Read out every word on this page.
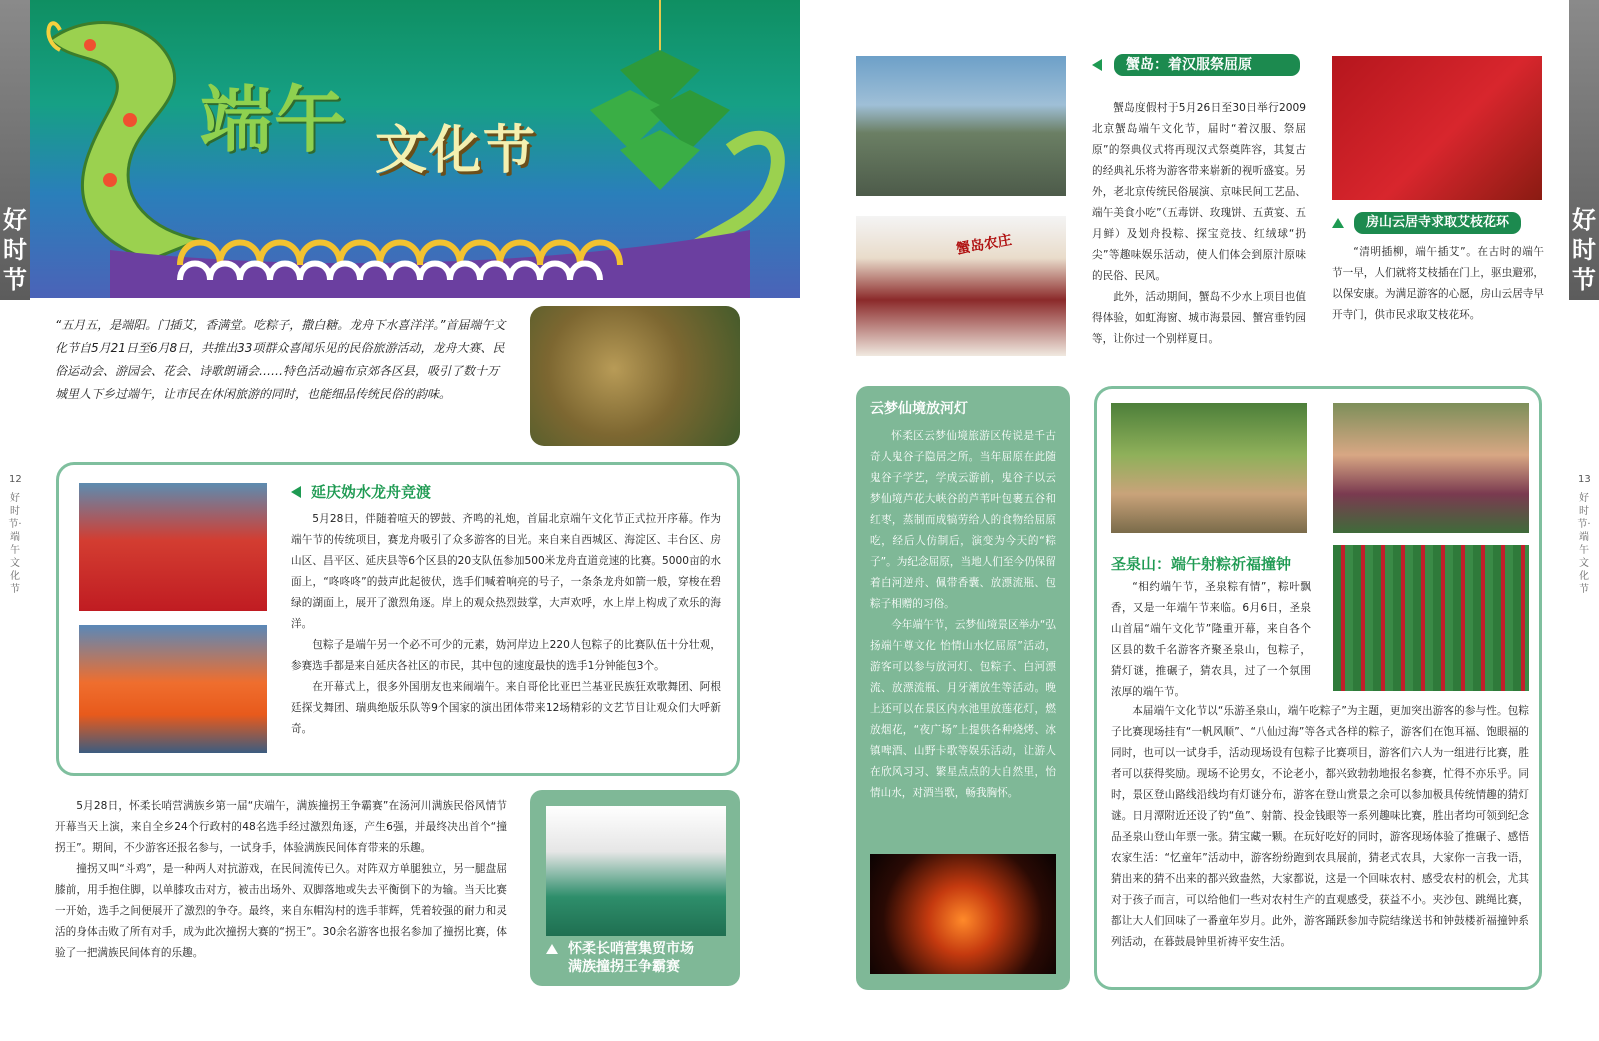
好时节
12
好时节·端午文化节
端午 文化节
“五月五，是端阳。门插艾，香满堂。吃粽子，撒白糖。龙舟下水喜洋洋。”首届端午文化节自5月21日至6月8日，共推出33项群众喜闻乐见的民俗旅游活动，龙舟大赛、民俗运动会、游园会、花会、诗歌朗诵会……特色活动遍布京郊各区县，吸引了数十万城里人下乡过端午，让市民在休闲旅游的同时，也能细品传统民俗的韵味。
延庆妫水龙舟竞渡

5月28日，伴随着喧天的锣鼓、齐鸣的礼炮，首届北京端午文化节正式拉开序幕。作为端午节的传统项目，赛龙舟吸引了众多游客的目光。来自来自西城区、海淀区、丰台区、房山区、昌平区、延庆县等6个区县的20支队伍参加500米龙舟直道竞速的比赛。5000亩的水面上，“咚咚咚”的鼓声此起彼伏，选手们喊着响亮的号子，一条条龙舟如箭一般，穿梭在碧绿的湖面上，展开了激烈角逐。岸上的观众热烈鼓掌，大声欢呼，水上岸上构成了欢乐的海洋。

包粽子是端午另一个必不可少的元素，妫河岸边上220人包粽子的比赛队伍十分壮观，参赛选手都是来自延庆各社区的市民，其中包的速度最快的选手1分钟能包3个。

在开幕式上，很多外国朋友也来闹端午。来自哥伦比亚巴兰基亚民族狂欢歌舞团、阿根廷探戈舞团、瑞典绝版乐队等9个国家的演出团体带来12场精彩的文艺节目让观众们大呼新奇。

5月28日，怀柔长哨营满族乡第一届“庆端午，满族撞拐王争霸赛”在汤河川满族民俗风情节开幕当天上演，来自全乡24个行政村的48名选手经过激烈角逐，产生6强，并最终决出首个“撞拐王”。期间，不少游客还报名参与，一试身手，体验满族民间体育带来的乐趣。

撞拐又叫“斗鸡”，是一种两人对抗游戏，在民间流传已久。对阵双方单腿独立，另一腿盘屈膝前，用手抱住脚，以单膝攻击对方，被击出场外、双脚落地或失去平衡倒下的为输。当天比赛一开始，选手之间便展开了激烈的争夺。最终，来自东帽沟村的选手菲辉，凭着较强的耐力和灵活的身体击败了所有对手，成为此次撞拐大赛的“拐王”。30余名游客也报名参加了撞拐比赛，体验了一把满族民间体育的乐趣。	怀柔长哨营集贸市场
满族撞拐王争霸赛
好时节
13
好时节·端午文化节
蟹岛农庄
蟹岛：着汉服祭屈原

蟹岛度假村于5月26日至30日举行2009北京蟹岛端午文化节，届时“着汉服、祭屈原”的祭典仪式将再现汉式祭奠阵容，其复古的经典礼乐将为游客带来崭新的视听盛宴。另外，老北京传统民俗展演、京味民间工艺品、端午美食小吃”（五毒饼、玫瑰饼、五黄宴、五月鲜）及划舟投粽、探宝竞技、红绒球“扔尖”等趣味娱乐活动，使人们体会到原汁原味的民俗、民风。

此外，活动期间，蟹岛不少水上项目也值得体验，如虹海窗、城市海景园、蟹宫垂钓园等，让你过一个别样夏日。

房山云居寺求取艾枝花环

“清明插柳，端午插艾”。在古时的端午节一早，人们就将艾枝插在门上，驱虫避邪，以保安康。为满足游客的心愿，房山云居寺早开寺门，供市民求取艾枝花环。

云梦仙境放河灯

怀柔区云梦仙境旅游区传说是千古奇人鬼谷子隐居之所。当年屈原在此随鬼谷子学艺，学成云游前，鬼谷子以云梦仙境芦花大峡谷的芦苇叶包裹五谷和红枣，蒸制而成犒劳给人的食物给屈原吃，经后人仿制后，演变为今天的“粽子”。为纪念屈原，当地人们至今仍保留着白河逆舟、佩带香囊、放漂流瓶、包粽子相赠的习俗。

今年端午节，云梦仙境景区举办“弘扬端午尊文化 怡情山水忆屈原”活动，游客可以参与放河灯、包粽子、白河漂流、放漂流瓶、月牙潮放生等活动。晚上还可以在景区内水池里放莲花灯，燃放烟花，“夜广场”上提供各种烧烤、冰镇啤酒、山野卡歌等娱乐活动，让游人在欣风习习、繁星点点的大自然里，怡情山水，对酒当歌，畅我胸怀。

圣泉山：端午射粽祈福撞钟

“相约端午节，圣泉粽有情”，粽叶飘香，又是一年端午节来临。6月6日，圣泉山首届“端午文化节”隆重开幕，来自各个区县的数千名游客齐聚圣泉山，包粽子，猜灯谜，推碾子，猜农具，过了一个氛围浓厚的端午节。

本届端午文化节以“乐游圣泉山，端午吃粽子”为主题，更加突出游客的参与性。包粽子比赛现场挂有“一帆风顺”、“八仙过海”等各式各样的粽子，游客们在饱耳福、饱眼福的同时，也可以一试身手，活动现场设有包粽子比赛项目，游客们六人为一组进行比赛，胜者可以获得奖励。现场不论男女，不论老小，都兴致勃勃地报名参赛，忙得不亦乐乎。同时，景区登山路线沿线均有灯谜分布，游客在登山赏景之余可以参加极具传统情趣的猜灯谜。日月潭附近还设了钓“鱼”、射箭、投金钱眼等一系列趣味比赛，胜出者均可领到纪念品圣泉山登山年票一张。猜宝藏一颗。在玩好吃好的同时，游客现场体验了推碾子、感悟农家生活：“忆童年”活动中，游客纷纷跑到农具展前，猜老式农具，大家你一言我一语，猜出来的猜不出来的都兴致盎然，大家都说，这是一个回味农村、感受农村的机会，尤其对于孩子而言，可以给他们一些对农村生产的直观感受，获益不小。夹沙包、跳绳比赛，都让大人们回味了一番童年岁月。此外，游客踊跃参加寺院结缘送书和钟鼓楼祈福撞钟系列活动，在暮鼓晨钟里祈祷平安生活。
